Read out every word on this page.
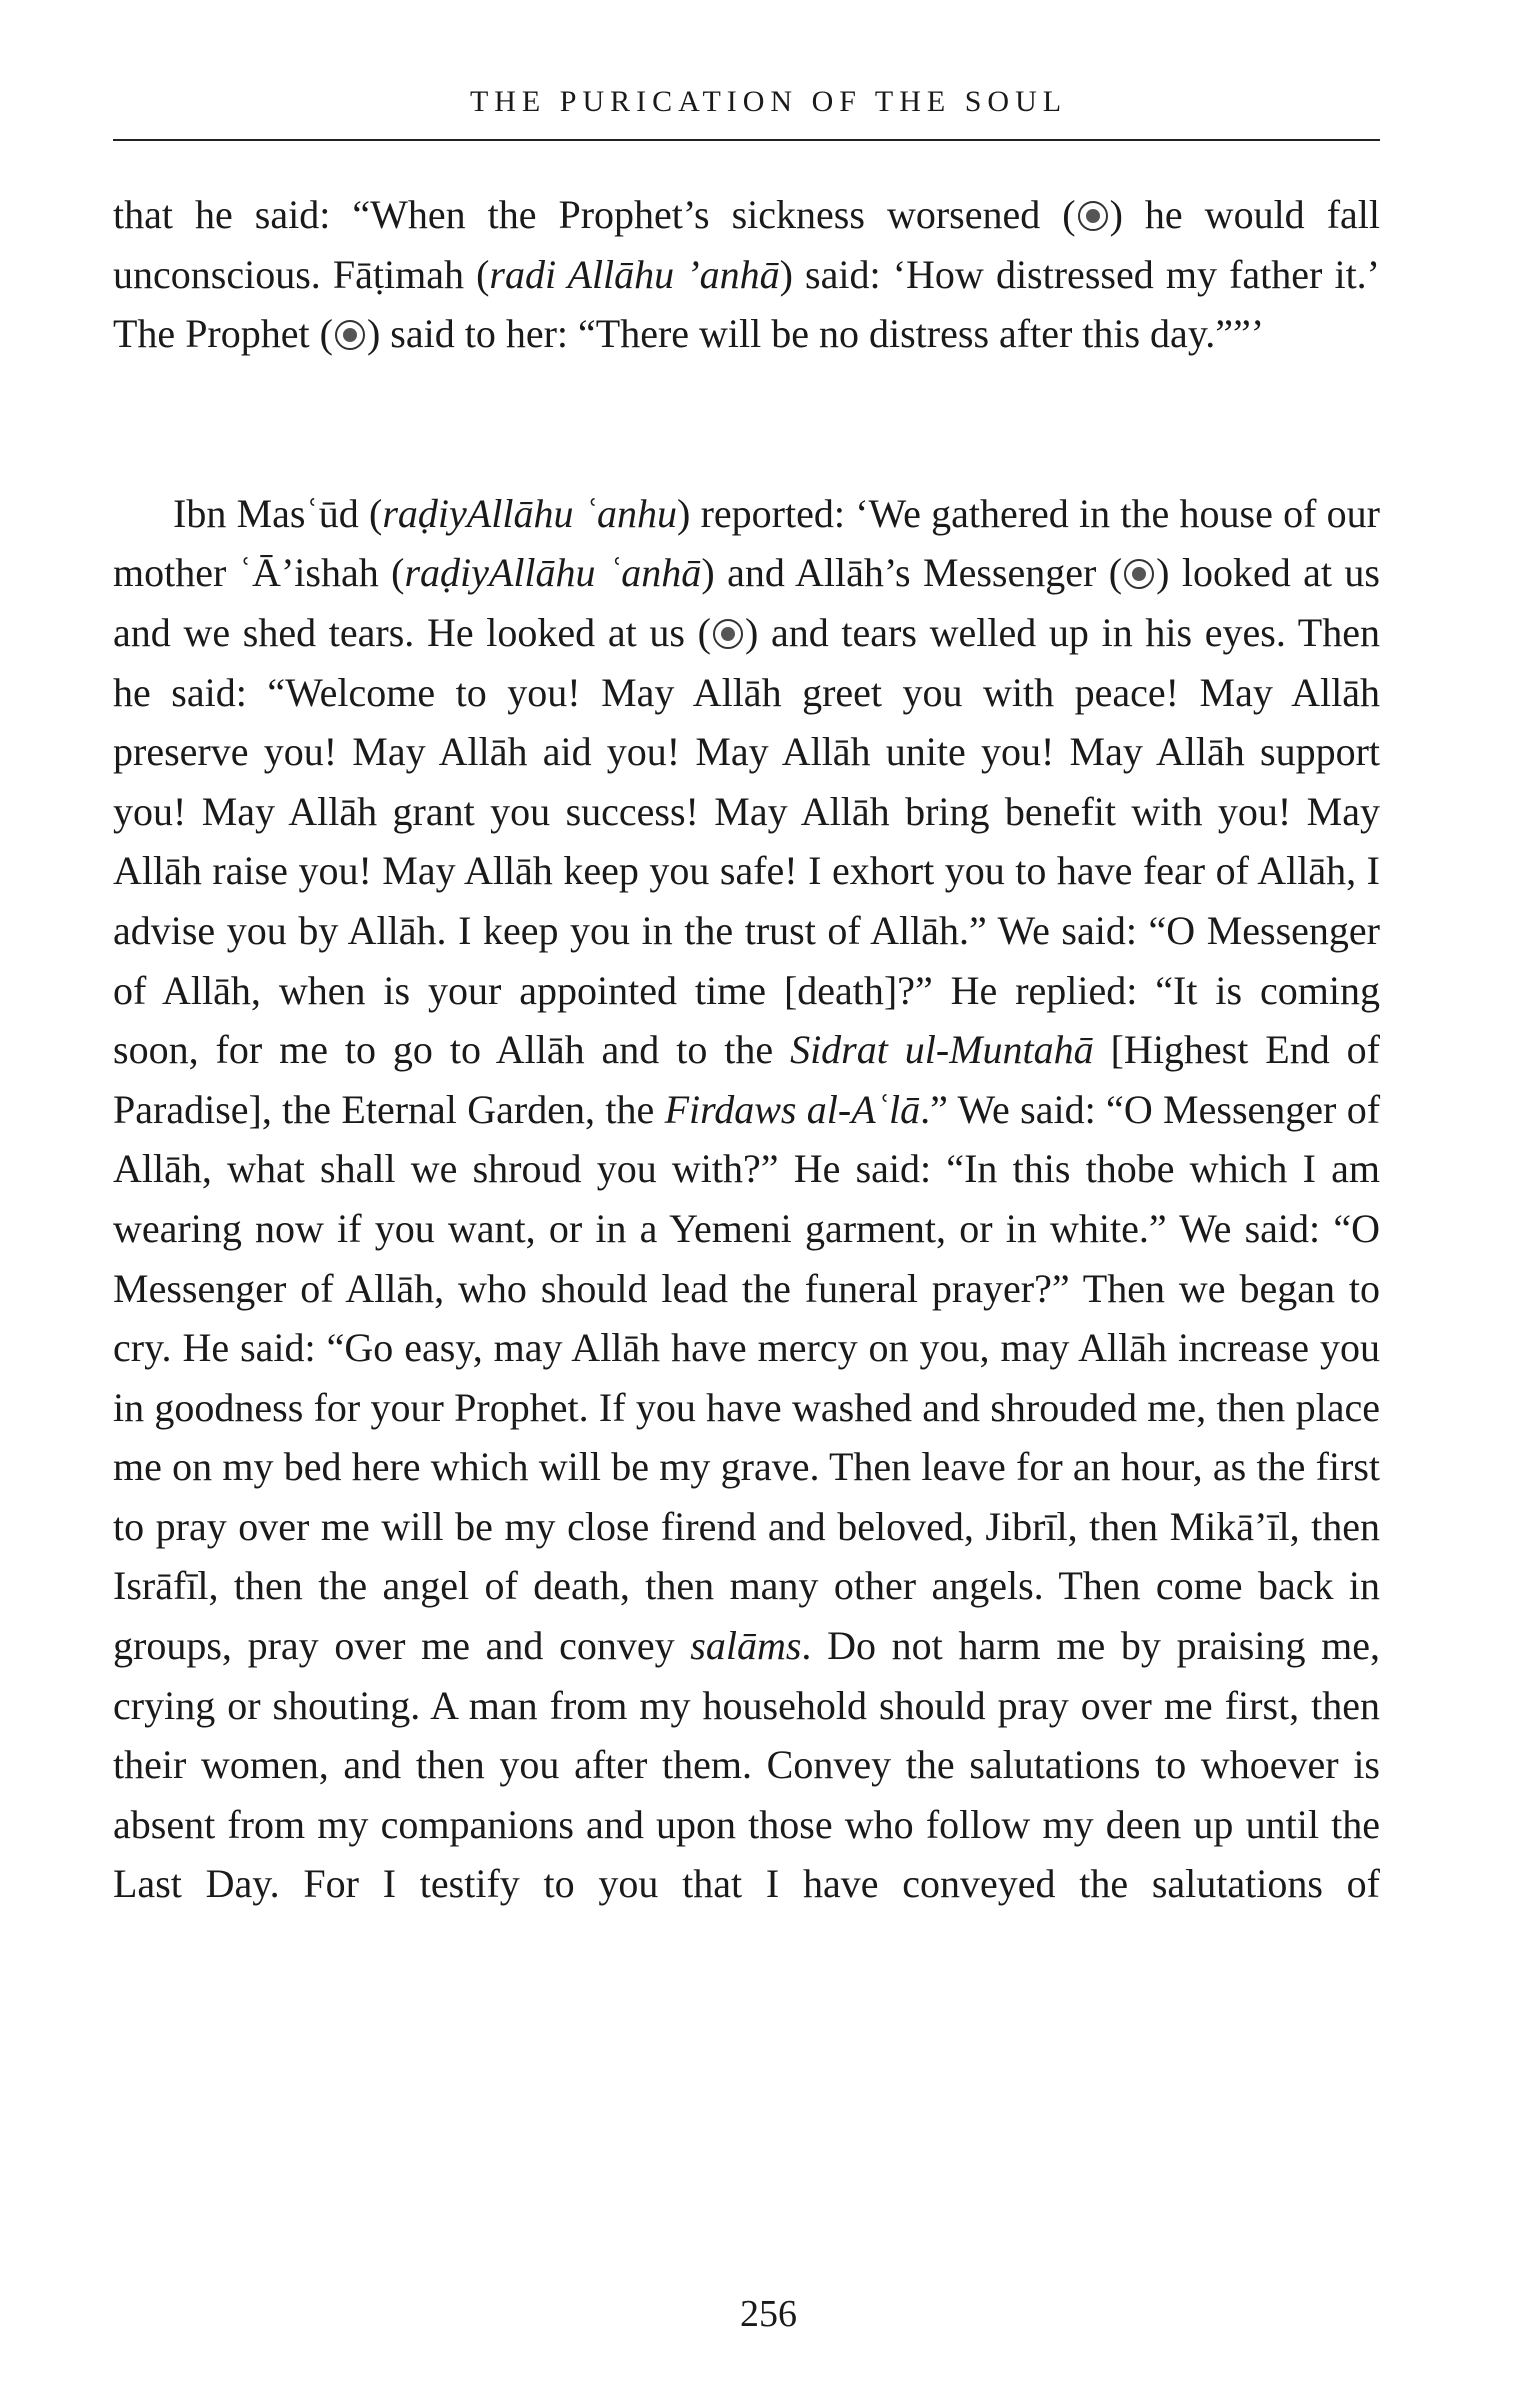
THE PURICATION OF THE SOUL

that he said: “When the Prophet’s sickness worsened ( ) he would fall unconscious. Fāṭimah (radi Allāhu ’anhā) said: ‘How distressed my father it.’ The Prophet ( ) said to her: “There will be no distress after this day.””’

Ibn Masʿūd (raḍiyAllāhu ʿanhu) reported: ‘We gathered in the house of our mother ʿĀ’ishah (raḍiyAllāhu ʿanhā) and Allāh’s Messenger ( ) looked at us and we shed tears. He looked at us ( ) and tears welled up in his eyes. Then he said: “Welcome to you! May Allāh greet you with peace! May Allāh preserve you! May Allāh aid you! May Allāh unite you! May Allāh support you! May Allāh grant you success! May Allāh bring benefit with you! May Allāh raise you! May Allāh keep you safe! I exhort you to have fear of Allāh, I advise you by Allāh. I keep you in the trust of Allāh.” We said: “O Messenger of Allāh, when is your appointed time [death]?” He replied: “It is coming soon, for me to go to Allāh and to the Sidrat ul-Muntahā [Highest End of Paradise], the Eternal Garden, the Firdaws al-Aʿlā.” We said: “O Messenger of Allāh, what shall we shroud you with?” He said: “In this thobe which I am wearing now if you want, or in a Yemeni garment, or in white.” We said: “O Messenger of Allāh, who should lead the funeral prayer?” Then we began to cry. He said: “Go easy, may Allāh have mercy on you, may Allāh increase you in goodness for your Prophet. If you have washed and shrouded me, then place me on my bed here which will be my grave. Then leave for an hour, as the first to pray over me will be my close firend and beloved, Jibrīl, then Mikā’īl, then Isrāfīl, then the angel of death, then many other angels. Then come back in groups, pray over me and convey salāms. Do not harm me by praising me, crying or shouting. A man from my household should pray over me first, then their women, and then you after them. Convey the salutations to whoever is absent from my companions and upon those who follow my deen up until the Last Day. For I testify to you that I have conveyed the salutations of

256
